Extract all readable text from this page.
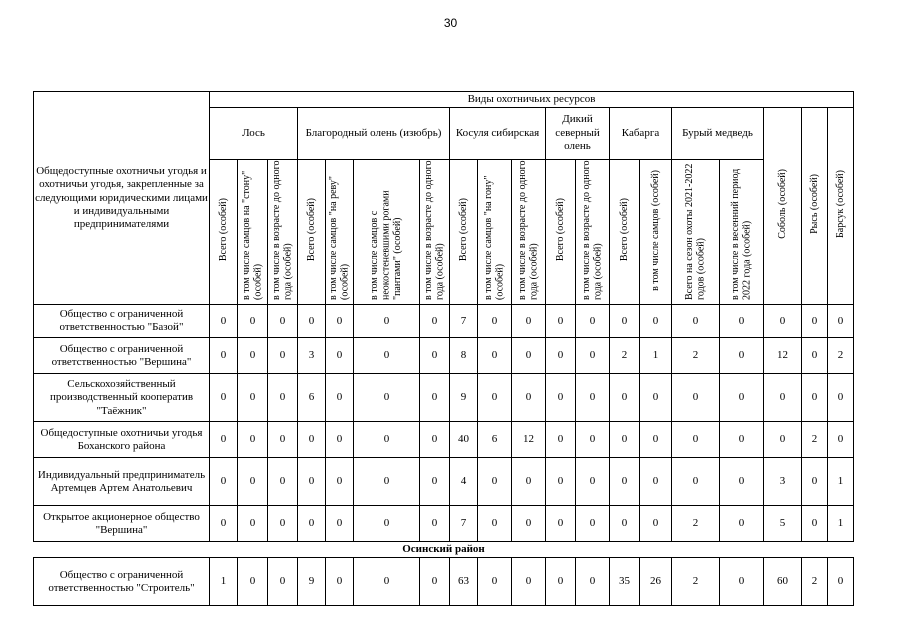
30
Общедоступные охотничьи угодья и охотничьи угодья, закрепленные за следующими юридическими лицами и индивидуальными предпринимателями	Виды охотничьих ресурсов																		
	Лось			Благородный олень (изюбрь)				Косуля сибирская			Дикий северный олень		Кабарга		Бурый медведь		Соболь (особей)	Рысь (особей)	Барсук (особей)
	Всего (особей)	в том числе самцов на "стону" (особей)	в том числе в возрасте до одного года (особей)	Всего (особей)	в том числе самцов "на реву" (особей)	в том числе самцов с неокостеневшими рогами "пантами" (особей)	в том числе в возрасте до одного года (особей)	Всего (особей)	в том числе самцов "на гону" (особей)	в том числе в возрасте до одного года (особей)	Всего (особей)	в том числе в возрасте до одного года (особей)	Всего (особей)	в том числе самцов (особей)	Всего на сезон охоты 2021-2022 годов (особей)	в том числе в весенний период 2022 года (особей)			
Общество с ограниченной ответственностью "Базой"	0	0	0	0	0	0	0	7	0	0	0	0	0	0	0	0	0	0	0
Общество с ограниченной ответственностью "Вершина"	0	0	0	3	0	0	0	8	0	0	0	0	2	1	2	0	12	0	2
Сельскохозяйственный производственный кооператив "Таёжник"	0	0	0	6	0	0	0	9	0	0	0	0	0	0	0	0	0	0	0
Общедоступные охотничьи угодья Боханского района	0	0	0	0	0	0	0	40	6	12	0	0	0	0	0	0	0	2	0
Индивидуальный предприниматель Артемцев Артем Анатольевич	0	0	0	0	0	0	0	4	0	0	0	0	0	0	0	0	3	0	1
Открытое акционерное общество "Вершина"	0	0	0	0	0	0	0	7	0	0	0	0	0	0	2	0	5	0	1
Осинский район																			
Общество с ограниченной ответственностью "Строитель"	1	0	0	9	0	0	0	63	0	0	0	0	35	26	2	0	60	2	0
